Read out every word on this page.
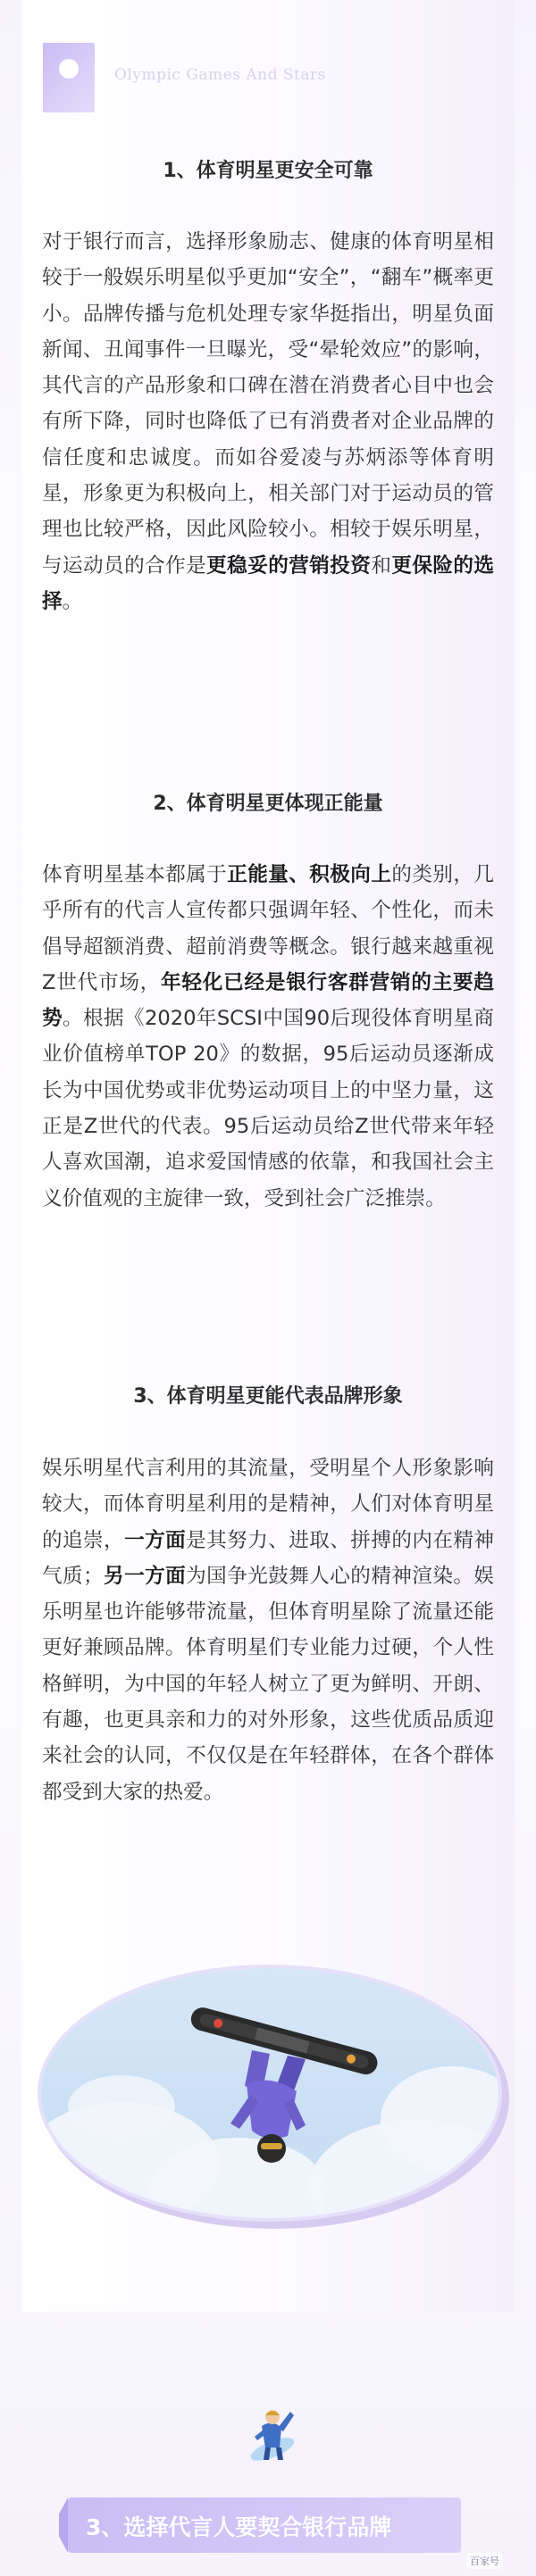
Olympic Games And Stars
1、体育明星更安全可靠

对于银行而言，选择形象励志、健康的体育明星相较于一般娱乐明星似乎更加“安全”，“翻车”概率更小。品牌传播与危机处理专家华挺指出，明星负面新闻、丑闻事件一旦曝光，受“晕轮效应”的影响，其代言的产品形象和口碑在潜在消费者心目中也会有所下降，同时也降低了已有消费者对企业品牌的信任度和忠诚度。而如谷爱凌与苏炳添等体育明星，形象更为积极向上，相关部门对于运动员的管理也比较严格，因此风险较小。相较于娱乐明星，与运动员的合作是更稳妥的营销投资和更保险的选择。

2、体育明星更体现正能量

体育明星基本都属于正能量、积极向上的类别，几乎所有的代言人宣传都只强调年轻、个性化，而未倡导超额消费、超前消费等概念。银行越来越重视Z世代市场，年轻化已经是银行客群营销的主要趋势。根据《2020年SCSI中国90后现役体育明星商业价值榜单TOP 20》的数据，95后运动员逐渐成长为中国优势或非优势运动项目上的中坚力量，这正是Z世代的代表。95后运动员给Z世代带来年轻人喜欢国潮，追求爱国情感的依靠，和我国社会主义价值观的主旋律一致，受到社会广泛推崇。

3、体育明星更能代表品牌形象

娱乐明星代言利用的其流量，受明星个人形象影响较大，而体育明星利用的是精神，人们对体育明星的追崇，一方面是其努力、进取、拼搏的内在精神气质；另一方面为国争光鼓舞人心的精神渲染。娱乐明星也许能够带流量，但体育明星除了流量还能更好兼顾品牌。体育明星们专业能力过硬，个人性格鲜明，为中国的年轻人树立了更为鲜明、开朗、有趣，也更具亲和力的对外形象，这些优质品质迎来社会的认同，不仅仅是在年轻群体，在各个群体都受到大家的热爱。

3、选择代言人要契合银行品牌

百家号
